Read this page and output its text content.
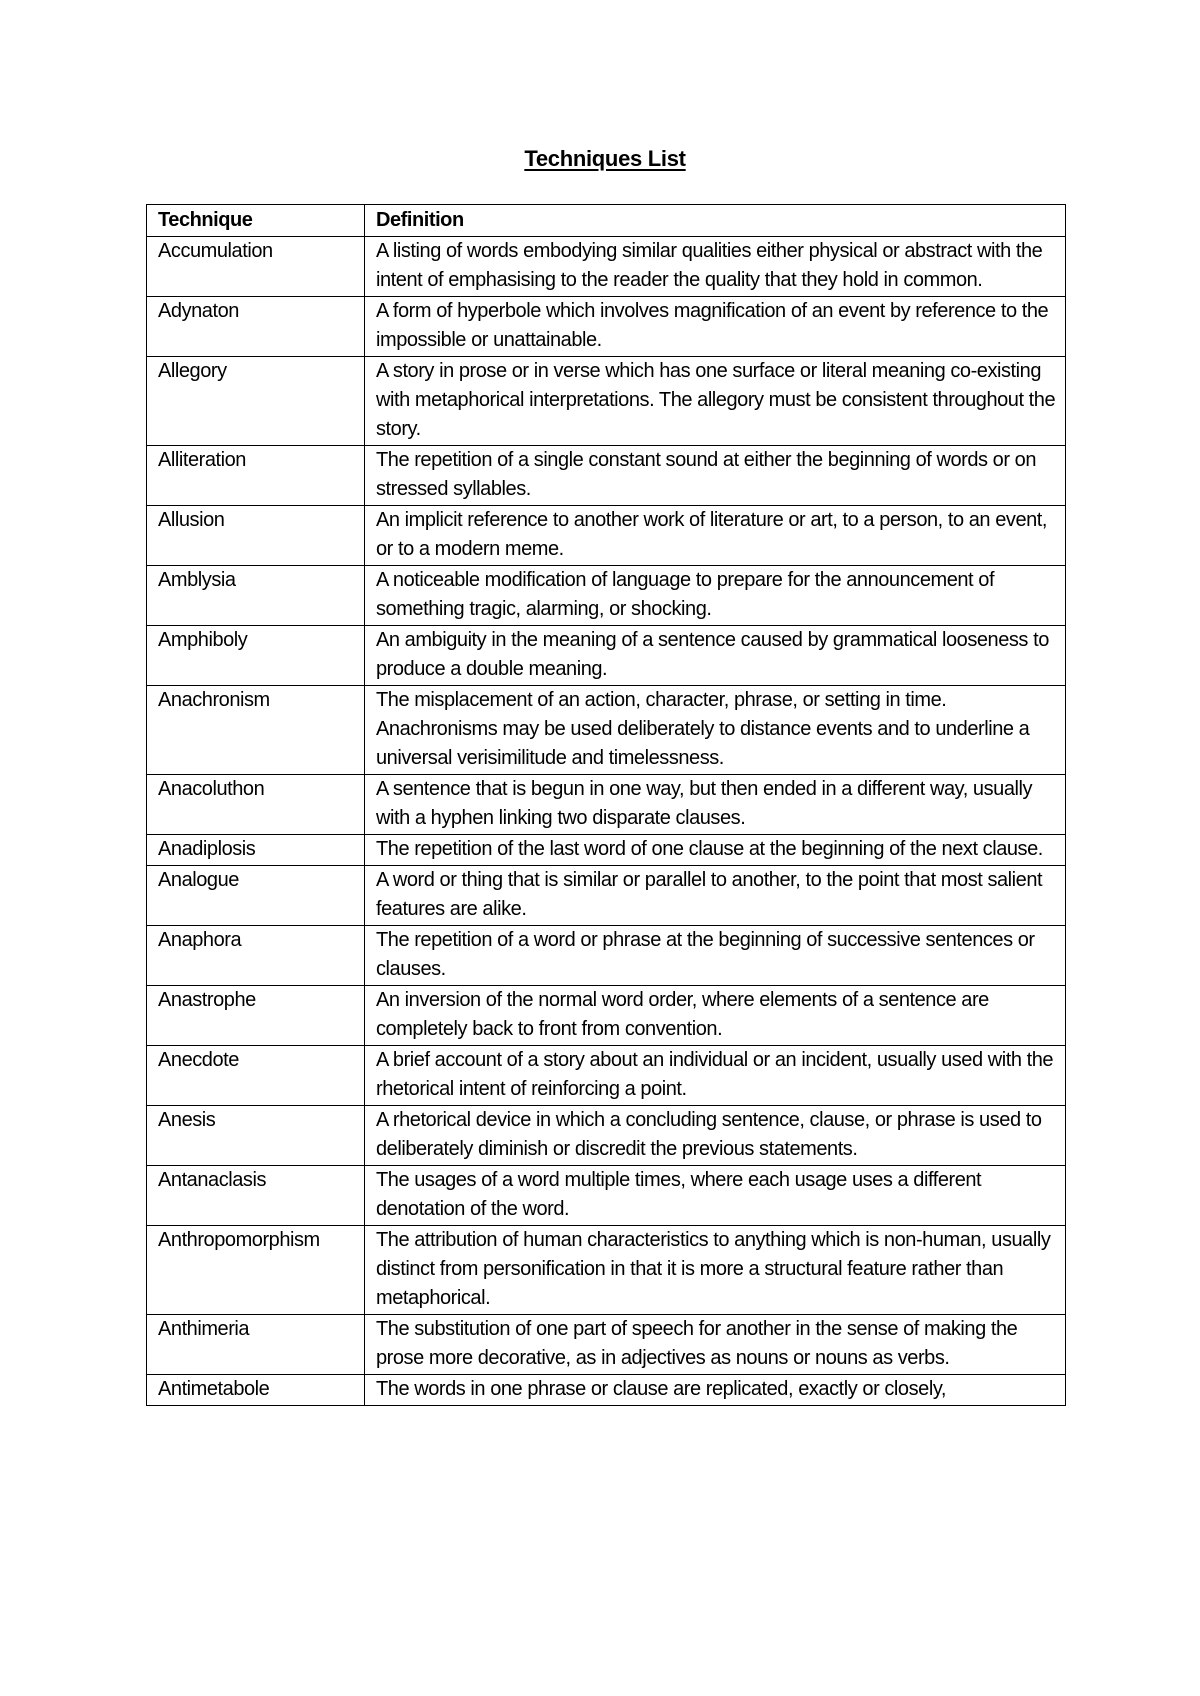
Techniques List
Technique	Definition
Accumulation	A listing of words embodying similar qualities either physical or abstract with the intent of emphasising to the reader the quality that they hold in common.
Adynaton	A form of hyperbole which involves magnification of an event by reference to the impossible or unattainable.
Allegory	A story in prose or in verse which has one surface or literal meaning co-existing with metaphorical interpretations. The allegory must be consistent throughout the story.
Alliteration	The repetition of a single constant sound at either the beginning of words or on stressed syllables.
Allusion	An implicit reference to another work of literature or art, to a person, to an event, or to a modern meme.
Amblysia	A noticeable modification of language to prepare for the announcement of something tragic, alarming, or shocking.
Amphiboly	An ambiguity in the meaning of a sentence caused by grammatical looseness to produce a double meaning.
Anachronism	The misplacement of an action, character, phrase, or setting in time. Anachronisms may be used deliberately to distance events and to underline a universal verisimilitude and timelessness.
Anacoluthon	A sentence that is begun in one way, but then ended in a different way, usually with a hyphen linking two disparate clauses.
Anadiplosis	The repetition of the last word of one clause at the beginning of the next clause.
Analogue	A word or thing that is similar or parallel to another, to the point that most salient features are alike.
Anaphora	The repetition of a word or phrase at the beginning of successive sentences or clauses.
Anastrophe	An inversion of the normal word order, where elements of a sentence are completely back to front from convention.
Anecdote	A brief account of a story about an individual or an incident, usually used with the rhetorical intent of reinforcing a point.
Anesis	A rhetorical device in which a concluding sentence, clause, or phrase is used to deliberately diminish or discredit the previous statements.
Antanaclasis	The usages of a word multiple times, where each usage uses a different denotation of the word.
Anthropomorphism	The attribution of human characteristics to anything which is non-human, usually distinct from personification in that it is more a structural feature rather than metaphorical.
Anthimeria	The substitution of one part of speech for another in the sense of making the prose more decorative, as in adjectives as nouns or nouns as verbs.
Antimetabole	The words in one phrase or clause are replicated, exactly or closely,
